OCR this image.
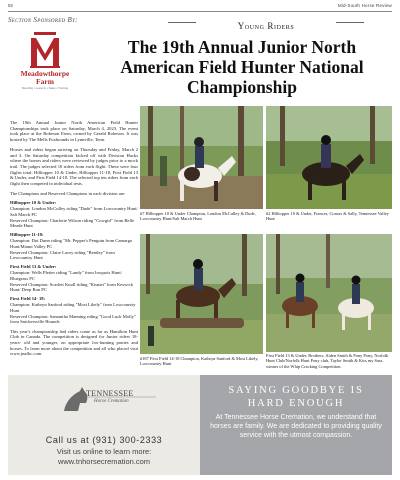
92	Mid-South Horse Review
Section Sponsored By:
Meadowthorpe Farm
Boarding • Lessons • Sales • Training
Young Riders
The 19th Annual Junior North American Field Hunter National Championship

The 19th Annual Junior North American Field Hunter Championships took place on Saturday, March 4, 2023. The event took place at the Robeson Farm, owned by Gerald Robeson. It was hosted by The Mells Foxhounds in Lynnville, Tenn.

Horses and riders began arriving on Thursday and Friday, March 2 and 3. On Saturday competition kicked off with Division Hacks where the horses and riders were reviewed by judges prior to a mock trail. The judges selected 10 riders from each flight. These were four flights total: Hilltopper 10 & Under, Hilltopper 11-18, First Field 13 & Under, and First Field 14-18. The selected top ten riders from each flight then competed in individual tests.

The Champions and Reserved Champions in each division are:

Hilltopper 10 & Under:
Champion: London McCulley riding "Dude" from Lowcountry Hunt/ Salt March PC
Reserved Champion: Charlotte Wilson riding "Cowgirl" from Belle Meade Hunt
Hilltopper 11-18:
Champion: Dot Dunn riding "Mr. Pepper's Penguin from Camargo Hunt/Miami Valley PC
Reserved Champion: Claire Lacey riding "Bentley" from Lowcountry Hunt
First Field 13 & Under:
Champion: Wells Pleiter riding "Landy" from Iroquois Hunt/ Bluegrass PC
Reserved Champion: Scarlett Knoll riding "Kismet" from Keswick Hunt/ Deep Run PC
First Field 14- 18:
Champion: Kathryn Sanford riding "Most Likely" from Lowcountry Hunt
Reserved Champion: Samantha Manning riding "Good Luck Molly" from Snickersville Hounds

This year's championship had riders come as far as Hamilton Hunt Club in Canada. The competition is designed for Junior riders 18- years- old and younger, on appropriate fox-hunting ponies and horses. To learn more about the competition and all who placed visit www.jnafhc.com.

#7 Hilltopper 10 & Under Champion, London McCulley & Dude, Lowcountry Hunt/Salt March Hunt
#2 Hilltopper 10 & Under, Frances, Conors & Sally, Tennessee Valley Hunt
#187 First Field 14-18 Champion, Kathryn Sanford & Most Likely, Lowcountry Hunt
First Field 13 & Under, Brothers, Aiden Smith & Pony Pony, Norfolk Hunt Club/Norfolk Hunt Pony club, Taylor Smith & Kiss my Sass, winner of the Whip Cracking Competition.
TENNESSEE
Horse Cremation
Call us at (931) 300-2333
Visit us online to learn more:
www.tnhorsecremation.com
SAYING GOODBYE IS HARD ENOUGH
At Tennessee Horse Cremation, we understand that horses are family. We are dedicated to providing quality service with the utmost compassion.
